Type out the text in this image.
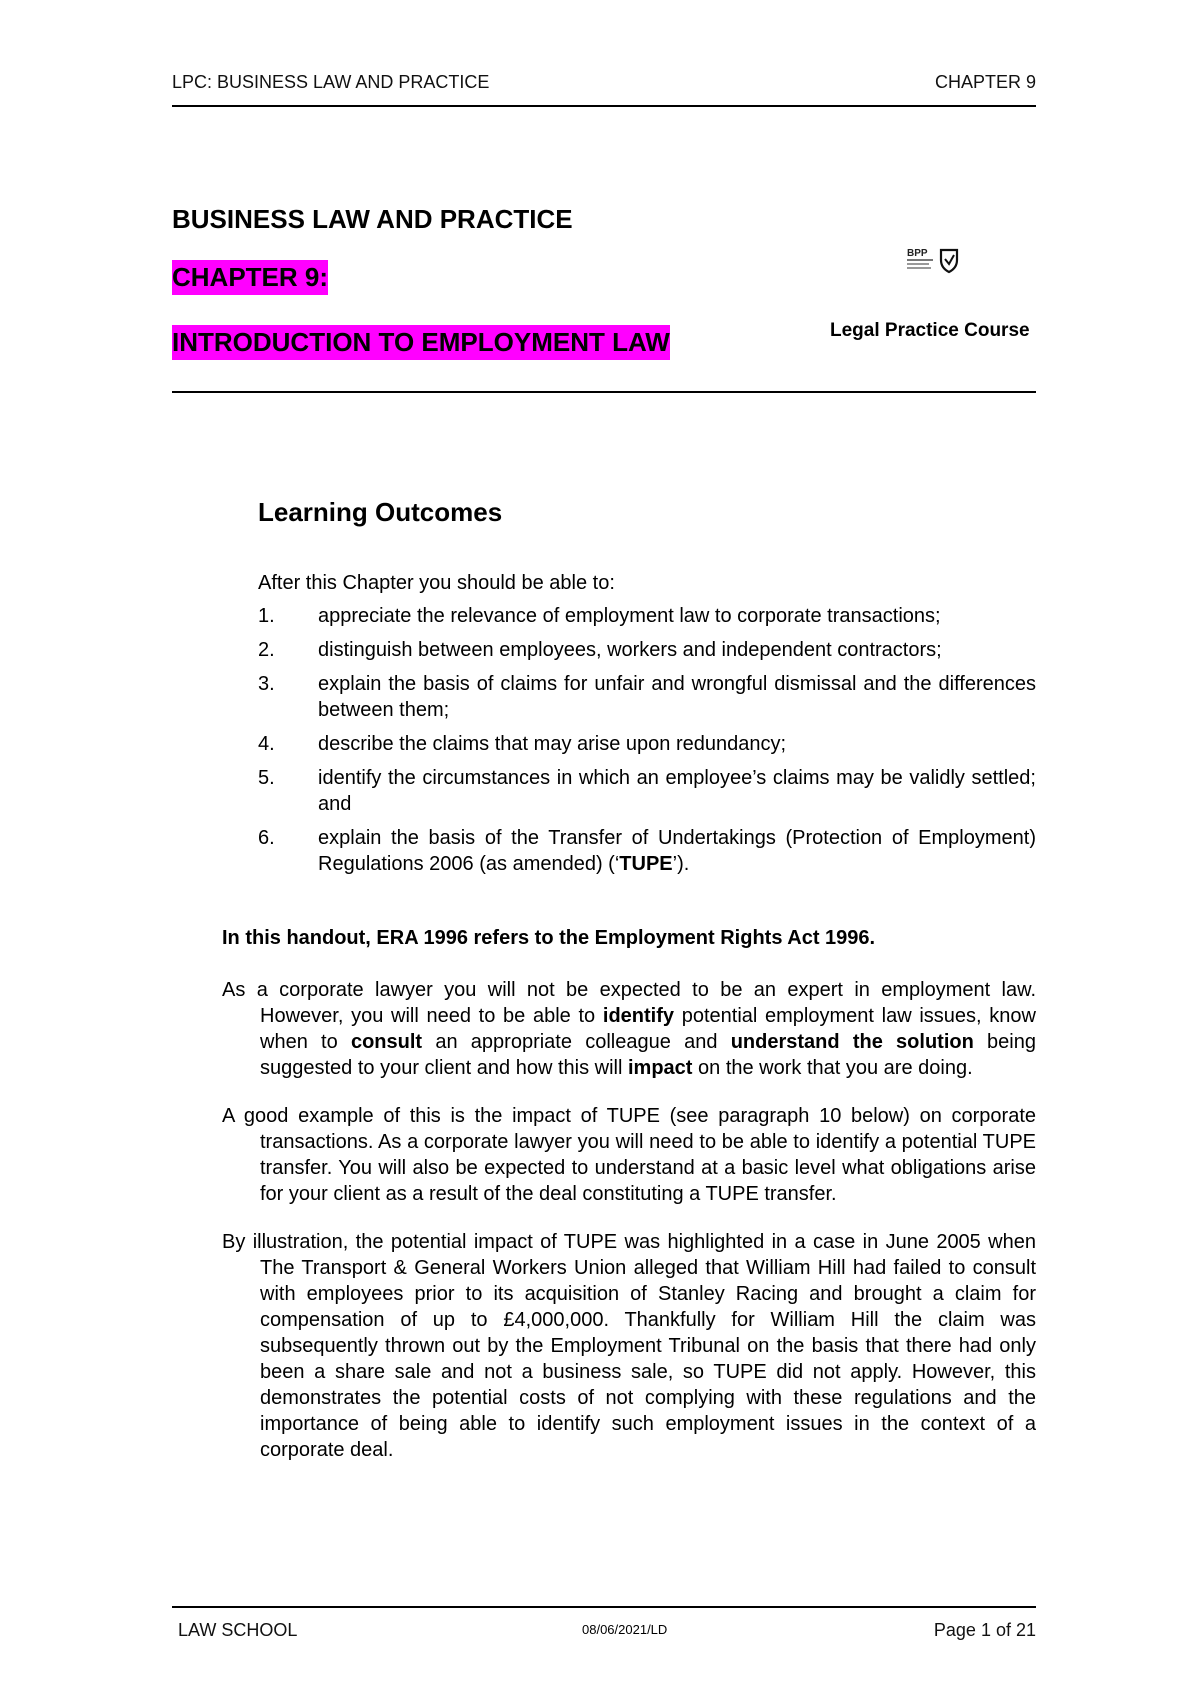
LPC: BUSINESS LAW AND PRACTICE	CHAPTER 9
BUSINESS LAW AND PRACTICE
CHAPTER 9:
INTRODUCTION TO EMPLOYMENT LAW
BPP
Legal Practice Course
Learning Outcomes
After this Chapter you should be able to:
1. appreciate the relevance of employment law to corporate transactions;
2. distinguish between employees, workers and independent contractors;
3. explain the basis of claims for unfair and wrongful dismissal and the differences between them;
4. describe the claims that may arise upon redundancy;
5. identify the circumstances in which an employee’s claims may be validly settled; and
6. explain the basis of the Transfer of Undertakings (Protection of Employment) Regulations 2006 (as amended) (‘TUPE’).
In this handout, ERA 1996 refers to the Employment Rights Act 1996.

As a corporate lawyer you will not be expected to be an expert in employment law. However, you will need to be able to identify potential employment law issues, know when to consult an appropriate colleague and understand the solution being suggested to your client and how this will impact on the work that you are doing.

A good example of this is the impact of TUPE (see paragraph 10 below) on corporate transactions. As a corporate lawyer you will need to be able to identify a potential TUPE transfer. You will also be expected to understand at a basic level what obligations arise for your client as a result of the deal constituting a TUPE transfer.

By illustration, the potential impact of TUPE was highlighted in a case in June 2005 when The Transport & General Workers Union alleged that William Hill had failed to consult with employees prior to its acquisition of Stanley Racing and brought a claim for compensation of up to £4,000,000. Thankfully for William Hill the claim was subsequently thrown out by the Employment Tribunal on the basis that there had only been a share sale and not a business sale, so TUPE did not apply. However, this demonstrates the potential costs of not complying with these regulations and the importance of being able to identify such employment issues in the context of a corporate deal.

LAW SCHOOL	08/06/2021/LD	Page 1 of 21
